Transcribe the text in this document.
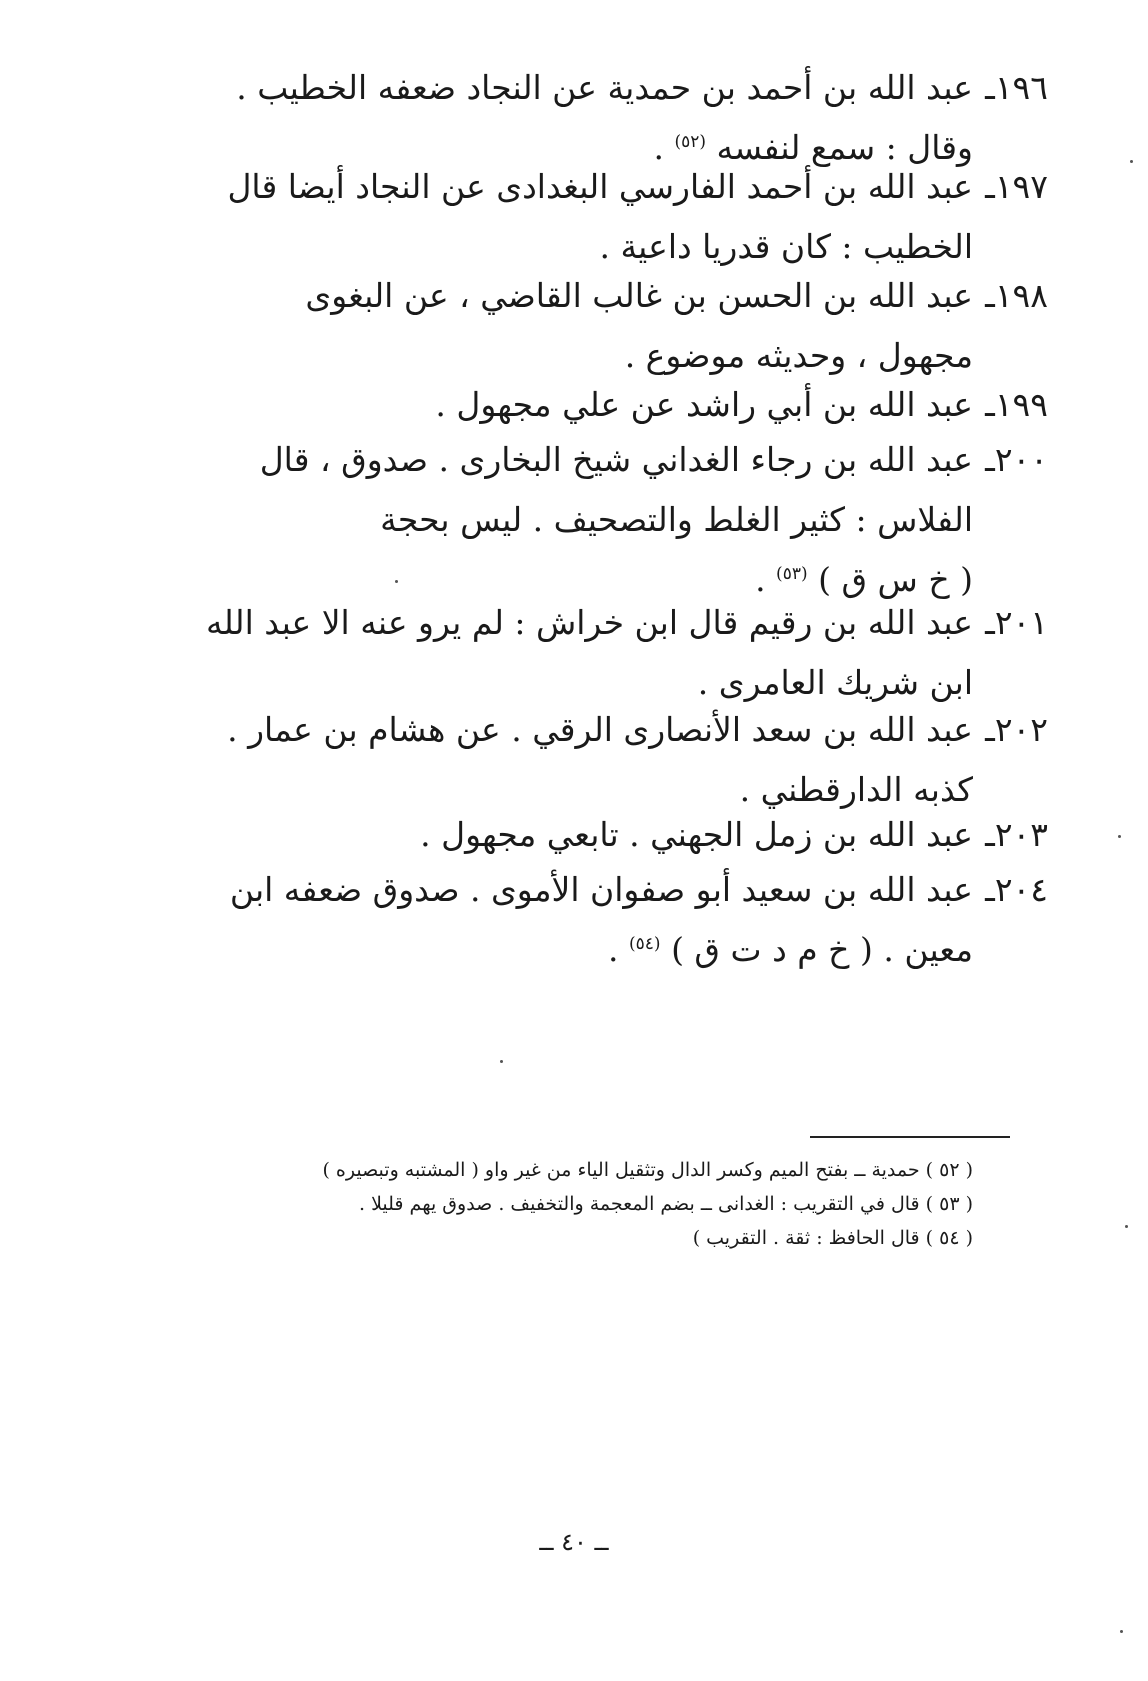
١٩٦ـ
عبد الله بن أحمد بن حمدية عن النجاد ضعفه الخطيب .
وقال : سمع لنفسه $^{(٥٢)}$ .
١٩٧ـ
عبد الله بن أحمد الفارسي البغدادى عن النجاد أيضا قال
الخطيب : كان قدريا داعية .
١٩٨ـ
عبد الله بن الحسن بن غالب القاضي ، عن البغوى
مجهول ، وحديثه موضوع .
١٩٩ـ
عبد الله بن أبي راشد عن علي مجهول .
٢٠٠ـ
عبد الله بن رجاء الغداني شيخ البخارى . صدوق ، قال
الفلاس : كثير الغلط والتصحيف . ليس بحجة
( خ س ق ) $^{(٥٣)}$ .
٢٠١ـ
عبد الله بن رقيم قال ابن خراش : لم يرو عنه الا عبد الله
ابن شريك العامرى .
٢٠٢ـ
عبد الله بن سعد الأنصارى الرقي . عن هشام بن عمار .
كذبه الدارقطني .
٢٠٣ـ
عبد الله بن زمل الجهني . تابعي مجهول .
٢٠٤ـ
عبد الله بن سعيد أبو صفوان الأموى . صدوق ضعفه ابن
معين . ( خ م د ت ق ) $^{(٥٤)}$ .
( ٥٢ ) حمدية ــ بفتح الميم وكسر الدال وتثقيل الياء من غير واو ( المشتبه وتبصيره )
( ٥٣ ) قال في التقريب : الغدانى ــ بضم المعجمة والتخفيف . صدوق يهم قليلا .
( ٥٤ ) قال الحافظ : ثقة . التقريب )
ــ ٤٠ ــ
